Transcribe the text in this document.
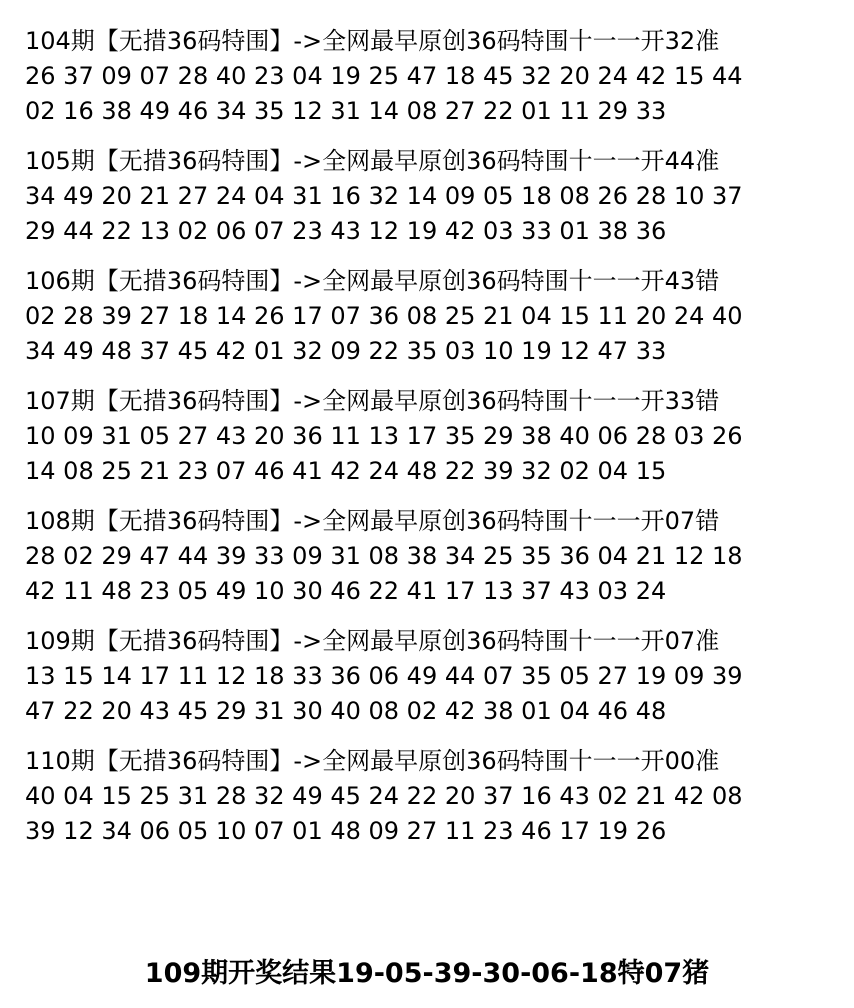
104期【无措36码特围】->全网最早原创36码特围十一一开32准
26 37 09 07 28 40 23 04 19 25 47 18 45 32 20 24 42 15 44
02 16 38 49 46 34 35 12 31 14 08 27 22 01 11 29 33
105期【无措36码特围】->全网最早原创36码特围十一一开44准
34 49 20 21 27 24 04 31 16 32 14 09 05 18 08 26 28 10 37
29 44 22 13 02 06 07 23 43 12 19 42 03 33 01 38 36
106期【无措36码特围】->全网最早原创36码特围十一一开43错
02 28 39 27 18 14 26 17 07 36 08 25 21 04 15 11 20 24 40
34 49 48 37 45 42 01 32 09 22 35 03 10 19 12 47 33
107期【无措36码特围】->全网最早原创36码特围十一一开33错
10 09 31 05 27 43 20 36 11 13 17 35 29 38 40 06 28 03 26
14 08 25 21 23 07 46 41 42 24 48 22 39 32 02 04 15
108期【无措36码特围】->全网最早原创36码特围十一一开07错
28 02 29 47 44 39 33 09 31 08 38 34 25 35 36 04 21 12 18
42 11 48 23 05 49 10 30 46 22 41 17 13 37 43 03 24
109期【无措36码特围】->全网最早原创36码特围十一一开07准
13 15 14 17 11 12 18 33 36 06 49 44 07 35 05 27 19 09 39
47 22 20 43 45 29 31 30 40 08 02 42 38 01 04 46 48
110期【无措36码特围】->全网最早原创36码特围十一一开00准
40 04 15 25 31 28 32 49 45 24 22 20 37 16 43 02 21 42 08
39 12 34 06 05 10 07 01 48 09 27 11 23 46 17 19 26
109期开奖结果19-05-39-30-06-18特07猪
